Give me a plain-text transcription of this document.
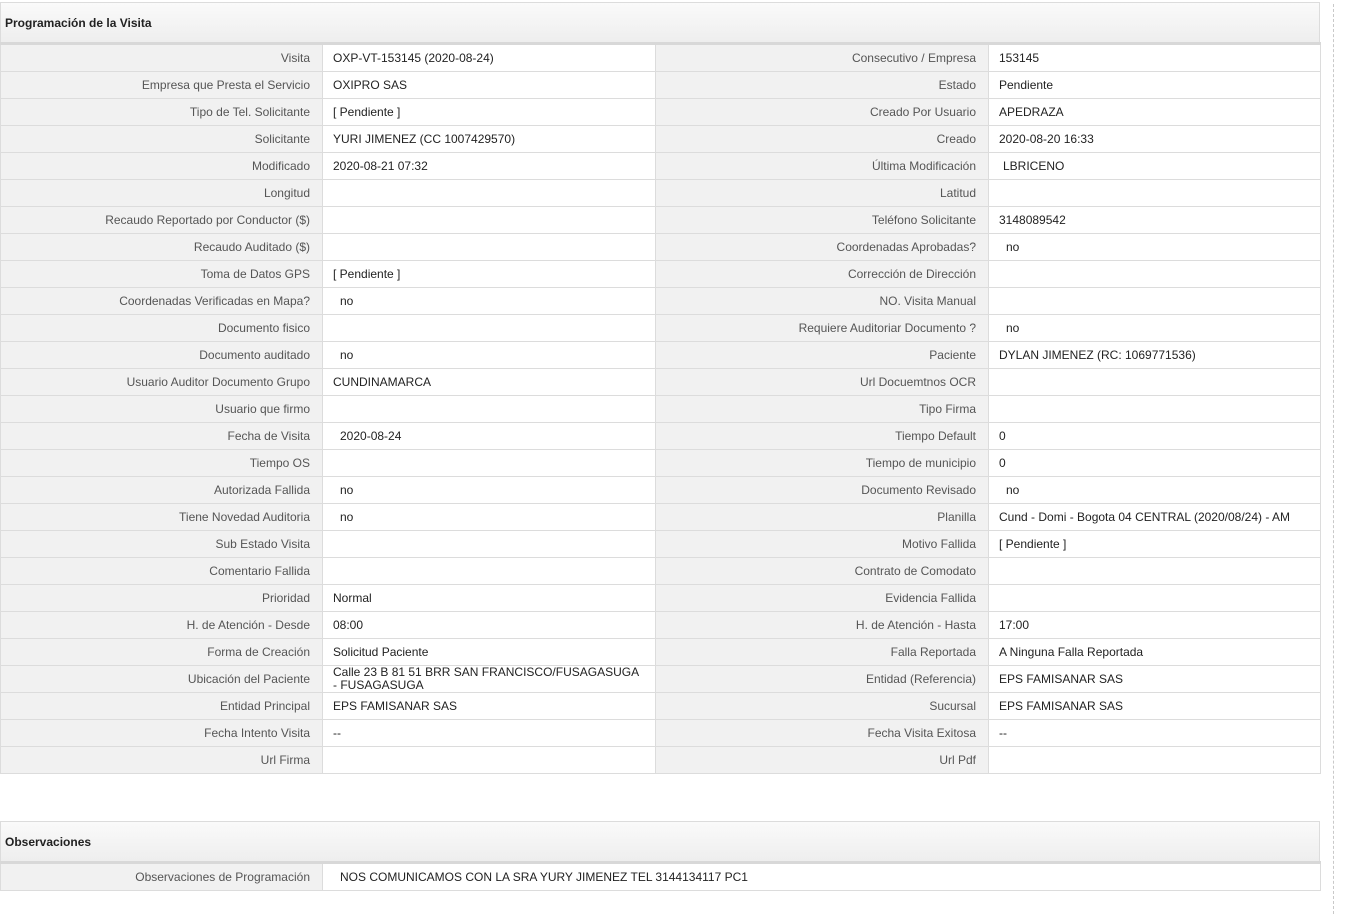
Programación de la Visita
Visita	OXP-VT-153145 (2020-08-24)	Consecutivo / Empresa	153145
Empresa que Presta el Servicio	OXIPRO SAS	Estado	Pendiente
Tipo de Tel. Solicitante	[ Pendiente ]	Creado Por Usuario	APEDRAZA
Solicitante	YURI JIMENEZ (CC 1007429570)	Creado	2020-08-20 16:33
Modificado	2020-08-21 07:32	Última Modificación	LBRICENO
Longitud		Latitud	
Recaudo Reportado por Conductor ($)		Teléfono Solicitante	3148089542
Recaudo Auditado ($)		Coordenadas Aprobadas?	no
Toma de Datos GPS	[ Pendiente ]	Corrección de Dirección	
Coordenadas Verificadas en Mapa?	no	NO. Visita Manual	
Documento fisico		Requiere Auditoriar Documento ?	no
Documento auditado	no	Paciente	DYLAN JIMENEZ (RC: 1069771536)
Usuario Auditor Documento Grupo	CUNDINAMARCA	Url Docuemtnos OCR	
Usuario que firmo		Tipo Firma	
Fecha de Visita	2020-08-24	Tiempo Default	0
Tiempo OS		Tiempo de municipio	0
Autorizada Fallida	no	Documento Revisado	no
Tiene Novedad Auditoria	no	Planilla	Cund - Domi - Bogota 04 CENTRAL (2020/08/24) - AM
Sub Estado Visita		Motivo Fallida	[ Pendiente ]
Comentario Fallida		Contrato de Comodato	
Prioridad	Normal	Evidencia Fallida	
H. de Atención - Desde	08:00	H. de Atención - Hasta	17:00
Forma de Creación	Solicitud Paciente	Falla Reportada	A Ninguna Falla Reportada
Ubicación del Paciente	Calle 23 B 81 51 BRR SAN FRANCISCO/FUSAGASUGA - FUSAGASUGA	Entidad (Referencia)	EPS FAMISANAR SAS
Entidad Principal	EPS FAMISANAR SAS	Sucursal	EPS FAMISANAR SAS
Fecha Intento Visita	--	Fecha Visita Exitosa	--
Url Firma		Url Pdf	
Observaciones
Observaciones de Programación	NOS COMUNICAMOS CON LA SRA YURY JIMENEZ TEL 3144134117 PC1
